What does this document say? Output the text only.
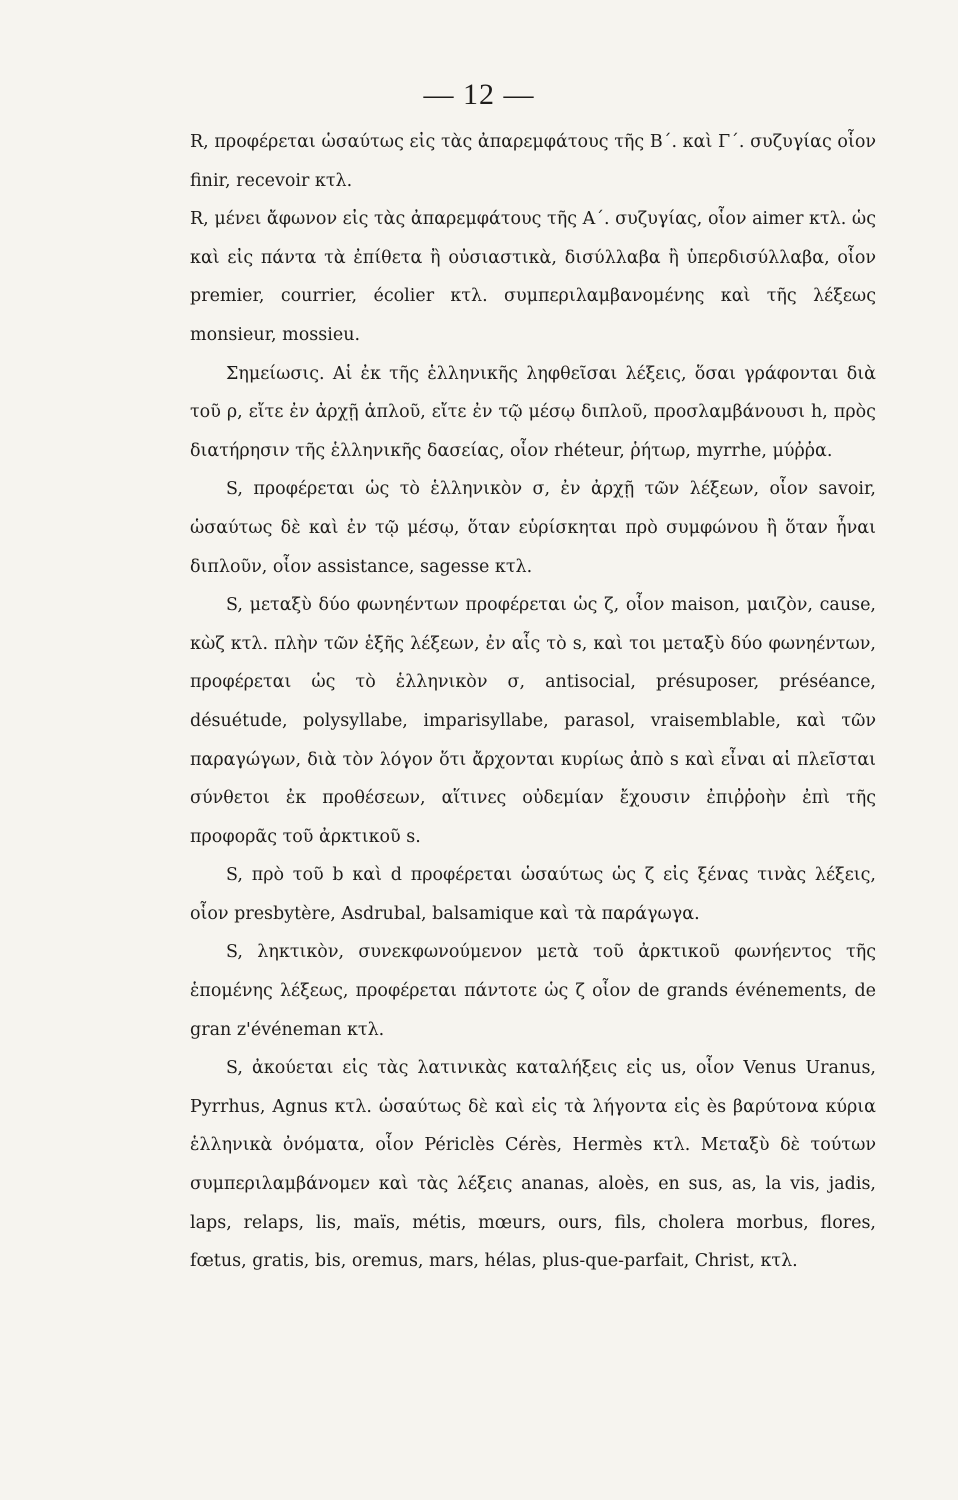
— 12 —

R, προφέρεται ὡσαύτως εἰς τὰς ἀπαρεμφάτους τῆς Β΄. καὶ Γ΄. συζυγίας οἷον finir, recevoir κτλ.

R, μένει ἄφωνον εἰς τὰς ἀπαρεμφάτους τῆς Α΄. συζυγίας, οἷον aimer κτλ. ὡς καὶ εἰς πάντα τὰ ἐπίθετα ἢ οὐσιαστικὰ, δισύλλαβα ἢ ὑπερδισύλλαβα, οἷον premier, courrier, écolier κτλ. συμπεριλαμβανομένης καὶ τῆς λέξεως monsieur, mossieu.

Σημείωσις. Αἱ ἐκ τῆς ἑλληνικῆς ληφθεῖσαι λέξεις, ὅσαι γράφονται διὰ τοῦ ρ, εἴτε ἐν ἀρχῇ ἁπλοῦ, εἴτε ἐν τῷ μέσῳ διπλοῦ, προσλαμβάνουσι h, πρὸς διατήρησιν τῆς ἑλληνικῆς δασείας, οἷον rhéteur, ῥήτωρ, myrrhe, μύῤῥα.

S, προφέρεται ὡς τὸ ἑλληνικὸν σ, ἐν ἀρχῇ τῶν λέξεων, οἷον savoir, ὡσαύτως δὲ καὶ ἐν τῷ μέσῳ, ὅταν εὑρίσκηται πρὸ συμφώνου ἢ ὅταν ἦναι διπλοῦν, οἷον assistance, sagesse κτλ.

S, μεταξὺ δύο φωνηέντων προφέρεται ὡς ζ, οἷον maison, μαιζὸν, cause, κὼζ κτλ. πλὴν τῶν ἑξῆς λέξεων, ἐν αἷς τὸ s, καὶ τοι μεταξὺ δύο φωνηέντων, προφέρεται ὡς τὸ ἑλληνικὸν σ, antisocial, présuposer, préséance, désuétude, polysyllabe, imparisyllabe, parasol, vraisemblable, καὶ τῶν παραγώγων, διὰ τὸν λόγον ὅτι ἄρχονται κυρίως ἀπὸ s καὶ εἶναι αἱ πλεῖσται σύνθετοι ἐκ προθέσεων, αἵτινες οὐδεμίαν ἔχουσιν ἐπιῤῥοὴν ἐπὶ τῆς προφορᾶς τοῦ ἀρκτικοῦ s.

S, πρὸ τοῦ b καὶ d προφέρεται ὡσαύτως ὡς ζ εἰς ξένας τινὰς λέξεις, οἷον presbytère, Asdrubal, balsamique καὶ τὰ παράγωγα.

S, ληκτικὸν, συνεκφωνούμενον μετὰ τοῦ ἀρκτικοῦ φωνήεντος τῆς ἑπομένης λέξεως, προφέρεται πάντοτε ὡς ζ οἷον de grands événements, de gran z'événeman κτλ.

S, ἀκούεται εἰς τὰς λατινικὰς καταλήξεις εἰς us, οἷον Venus Uranus, Pyrrhus, Agnus κτλ. ὡσαύτως δὲ καὶ εἰς τὰ λήγοντα εἰς ès βαρύτονα κύρια ἑλληνικὰ ὀνόματα, οἷον Périclès Cérès, Hermès κτλ. Μεταξὺ δὲ τούτων συμπεριλαμβάνομεν καὶ τὰς λέξεις ananas, aloès, en sus, as, la vis, jadis, laps, relaps, lis, maïs, métis, mœurs, ours, fils, cholera morbus, flores, fœtus, gratis, bis, oremus, mars, hélas, plus-que-parfait, Christ, κτλ.
